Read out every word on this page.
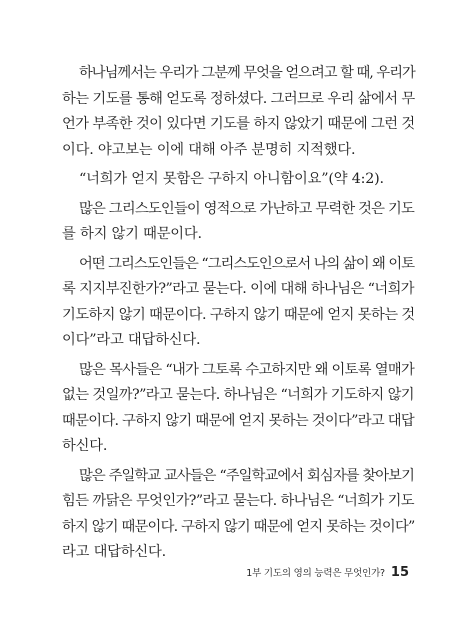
하나님께서는 우리가 그분께 무엇을 얻으려고 할 때, 우리가
하는 기도를 통해 얻도록 정하셨다. 그러므로 우리 삶에서 무
언가 부족한 것이 있다면 기도를 하지 않았기 때문에 그런 것
이다. 야고보는 이에 대해 아주 분명히 지적했다.
“너희가 얻지 못함은 구하지 아니함이요”(약 4:2).
많은 그리스도인들이 영적으로 가난하고 무력한 것은 기도
를 하지 않기 때문이다.
어떤 그리스도인들은 “그리스도인으로서 나의 삶이 왜 이토
록 지지부진한가?”라고 묻는다. 이에 대해 하나님은 “너희가
기도하지 않기 때문이다. 구하지 않기 때문에 얻지 못하는 것
이다”라고 대답하신다.
많은 목사들은 “내가 그토록 수고하지만 왜 이토록 열매가
없는 것일까?”라고 묻는다. 하나님은 “너희가 기도하지 않기
때문이다. 구하지 않기 때문에 얻지 못하는 것이다”라고 대답
하신다.
많은 주일학교 교사들은 “주일학교에서 회심자를 찾아보기
힘든 까닭은 무엇인가?”라고 묻는다. 하나님은 “너희가 기도
하지 않기 때문이다. 구하지 않기 때문에 얻지 못하는 것이다”
라고 대답하신다.
1부 기도의 영의 능력은 무엇인가? 15
